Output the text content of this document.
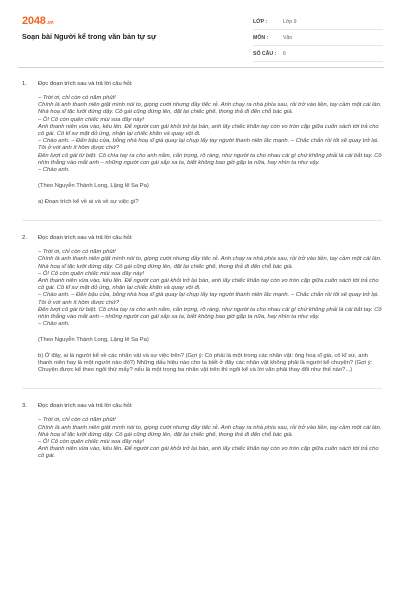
2048.vn
Soạn bài Người kể trong văn bản tự sự
LỚP :	Lớp 9
MÔN :	Văn
SỐ CÂU :	6
1.	Đọc đoạn trích sau và trả lời câu hỏi:

– Trời ơi, chỉ còn có năm phút!

Chính là anh thanh niên giật mình nói to, giọng cười nhưng đầy tiếc rẻ. Anh chạy ra nhà phía sau, rồi trở vào liền, tay cầm một cái làn. Nhà hoạ sĩ tặc lưỡi đứng dậy. Cô gái cũng đứng lên, đặt lại chiếc ghế, thong thả đi đến chỗ bác già.

– Ô! Cô còn quên chiếc mùi soa đây này!

Anh thanh niên vừa vào, kêu lên. Để người con gái khỏi trở lại bàn, anh lấy chiếc khăn tay còn vo tròn cặp giữa cuốn sách tới trả cho cô gái. Cô kĩ sư mặt đỏ ửng, nhận lại chiếc khăn và quay vội đi.

– Chào anh. – Đến bậu cửa, bỗng nhà hoạ sĩ già quay lại chụp lấy tay người thanh niên lắc mạnh. – Chắc chắn rồi tôi sẽ quay trở lại. Tôi ở với anh ít hôm được chứ?

Đến lượt cô gái từ biệt. Cô chìa tay ra cho anh nắm, cẩn trọng, rõ ràng, như người ta cho nhau cái gì chứ không phải là cái bắt tay. Cô nhìn thẳng vào mắt anh – những người con gái sắp xa ta, biết không bao giờ gặp ta nữa, hay nhìn ta như vậy.

– Chào anh.

(Theo Nguyễn Thành Long, Lặng lẽ Sa Pa)
a) Đoạn trích kể về ai và về sự việc gì?
2.	Đọc đoạn trích sau và trả lời câu hỏi:

– Trời ơi, chỉ còn có năm phút!

Chính là anh thanh niên giật mình nói to, giọng cười nhưng đầy tiếc rẻ. Anh chạy ra nhà phía sau, rồi trở vào liền, tay cầm một cái làn. Nhà hoạ sĩ tặc lưỡi đứng dậy. Cô gái cũng đứng lên, đặt lại chiếc ghế, thong thả đi đến chỗ bác già.

– Ô! Cô còn quên chiếc mùi soa đây này!

Anh thanh niên vừa vào, kêu lên. Để người con gái khỏi trở lại bàn, anh lấy chiếc khăn tay còn vo tròn cặp giữa cuốn sách tới trả cho cô gái. Cô kĩ sư mặt đỏ ửng, nhận lại chiếc khăn và quay vội đi.

– Chào anh. – Đến bậu cửa, bỗng nhà hoạ sĩ già quay lại chụp lấy tay người thanh niên lắc mạnh. – Chắc chắn rồi tôi sẽ quay trở lại. Tôi ở với anh ít hôm được chứ?

Đến lượt cô gái từ biệt. Cô chìa tay ra cho anh nắm, cẩn trọng, rõ ràng, như người ta cho nhau cái gì chứ không phải là cái bắt tay. Cô nhìn thẳng vào mắt anh – những người con gái sắp xa ta, biết không bao giờ gặp ta nữa, hay nhìn ta như vậy.

– Chào anh.

(Theo Nguyễn Thành Long, Lặng lẽ Sa Pa)
b) Ở đây, ai là người kể về các nhân vật và sự việc trên? (Gợi ý: Có phải là một trong các nhân vật: ông hoạ sĩ già, cô kĩ sư, anh thanh niên hay là một người nào đó?) Những dấu hiệu nào cho ta biết ở đây các nhân vật không phải là người kể chuyện? (Gợi ý: Chuyện được kể theo ngôi thứ mấy? nếu là một trong ba nhân vật trên thì ngôi kể và lời văn phải thay đổi như thế nào?...)
3.	Đọc đoạn trích sau và trả lời câu hỏi:

– Trời ơi, chỉ còn có năm phút!

Chính là anh thanh niên giật mình nói to, giọng cười nhưng đầy tiếc rẻ. Anh chạy ra nhà phía sau, rồi trở vào liền, tay cầm một cái làn. Nhà hoạ sĩ tặc lưỡi đứng dậy. Cô gái cũng đứng lên, đặt lại chiếc ghế, thong thả đi đến chỗ bác già.

– Ô! Cô còn quên chiếc mùi soa đây này!

Anh thanh niên vừa vào, kêu lên. Để người con gái khỏi trở lại bàn, anh lấy chiếc khăn tay còn vo tròn cặp giữa cuốn sách tới trả cho cô gái.
